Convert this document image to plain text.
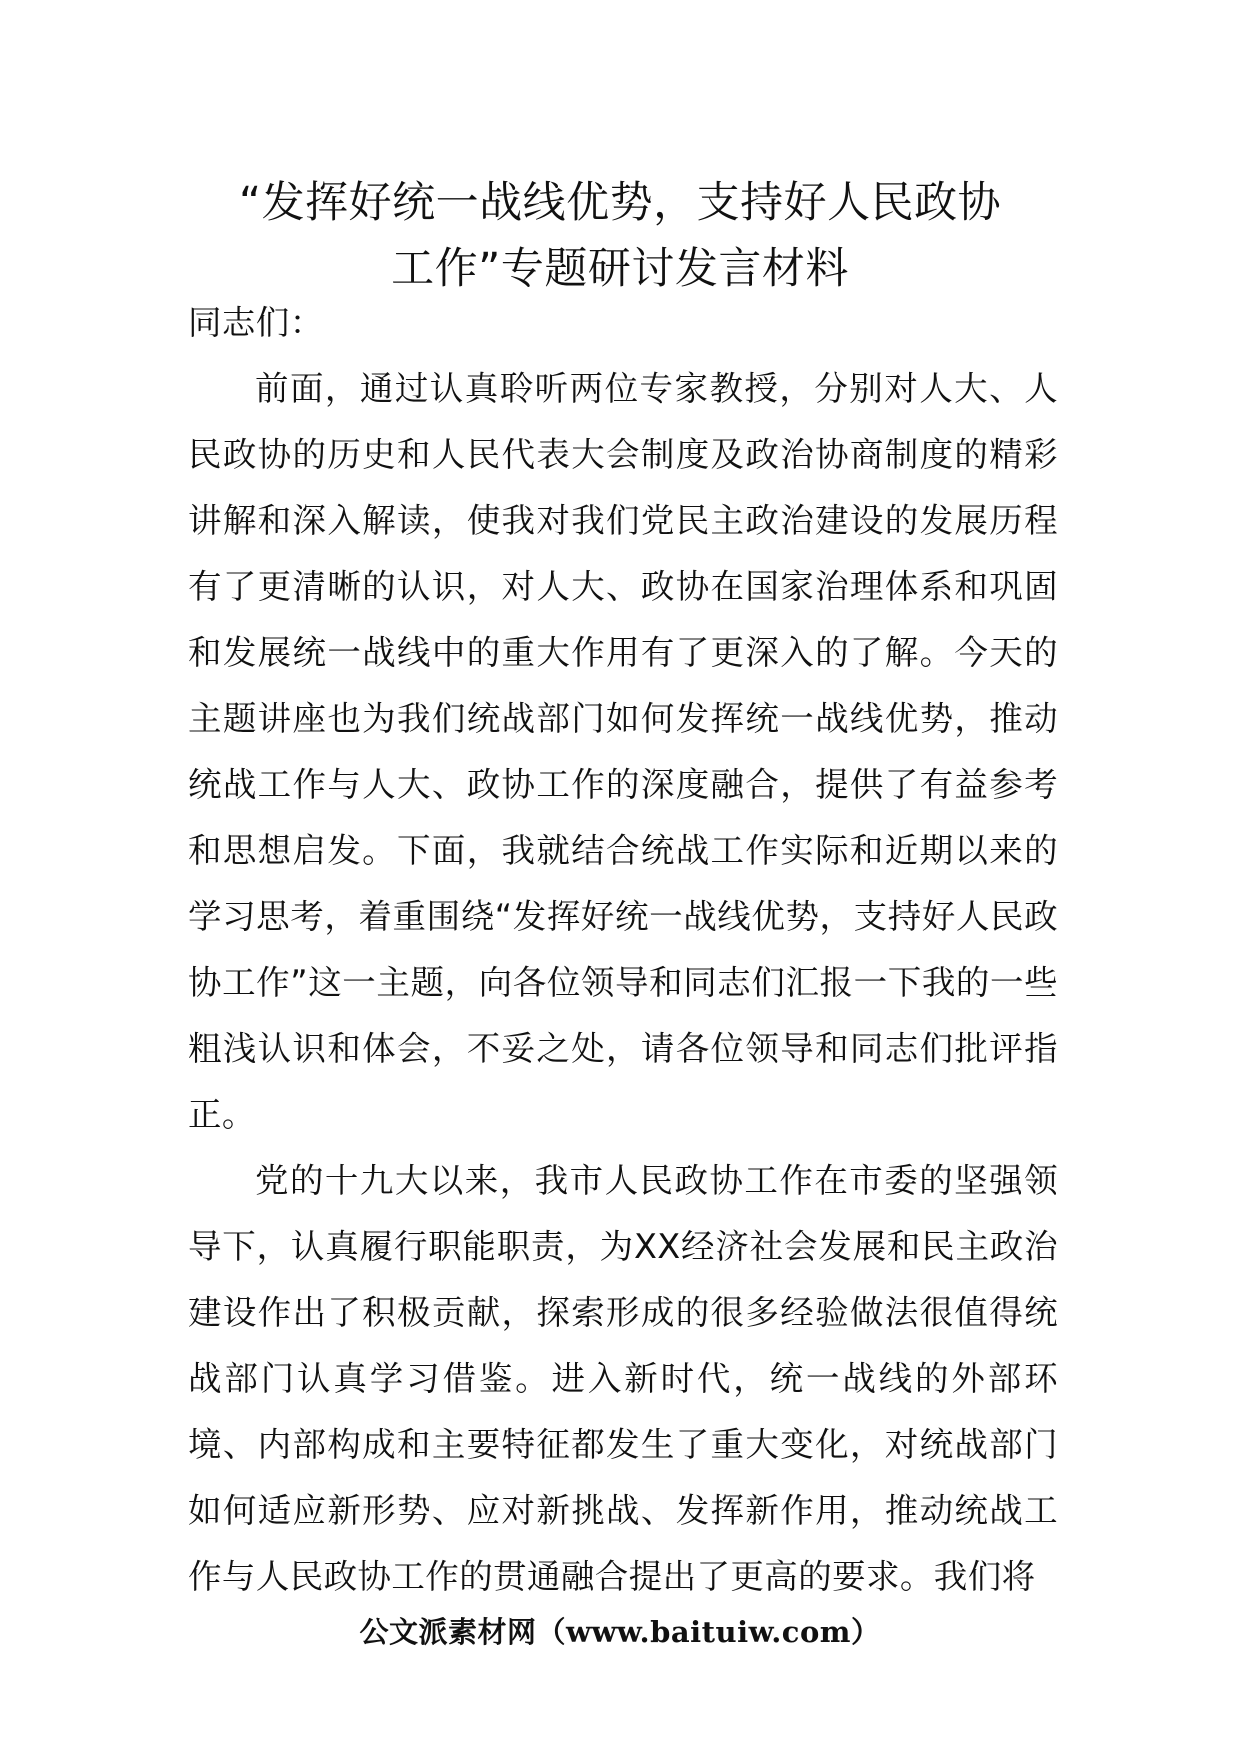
“发挥好统一战线优势，支持好人民政协
工作”专题研讨发言材料

同志们：

前面，通过认真聆听两位专家教授，分别对人大、人民政协的历史和人民代表大会制度及政治协商制度的精彩讲解和深入解读，使我对我们党民主政治建设的发展历程有了更清晰的认识，对人大、政协在国家治理体系和巩固和发展统一战线中的重大作用有了更深入的了解。今天的主题讲座也为我们统战部门如何发挥统一战线优势，推动统战工作与人大、政协工作的深度融合，提供了有益参考和思想启发。下面，我就结合统战工作实际和近期以来的学习思考，着重围绕“发挥好统一战线优势，支持好人民政协工作”这一主题，向各位领导和同志们汇报一下我的一些粗浅认识和体会，不妥之处，请各位领导和同志们批评指正。

党的十九大以来，我市人民政协工作在市委的坚强领导下，认真履行职能职责，为XX经济社会发展和民主政治建设作出了积极贡献，探索形成的很多经验做法很值得统战部门认真学习借鉴。进入新时代，统一战线的外部环境、内部构成和主要特征都发生了重大变化，对统战部门如何适应新形势、应对新挑战、发挥新作用，推动统战工作与人民政协工作的贯通融合提出了更高的要求。我们将

公文派素材网（www.baituiw.com）
